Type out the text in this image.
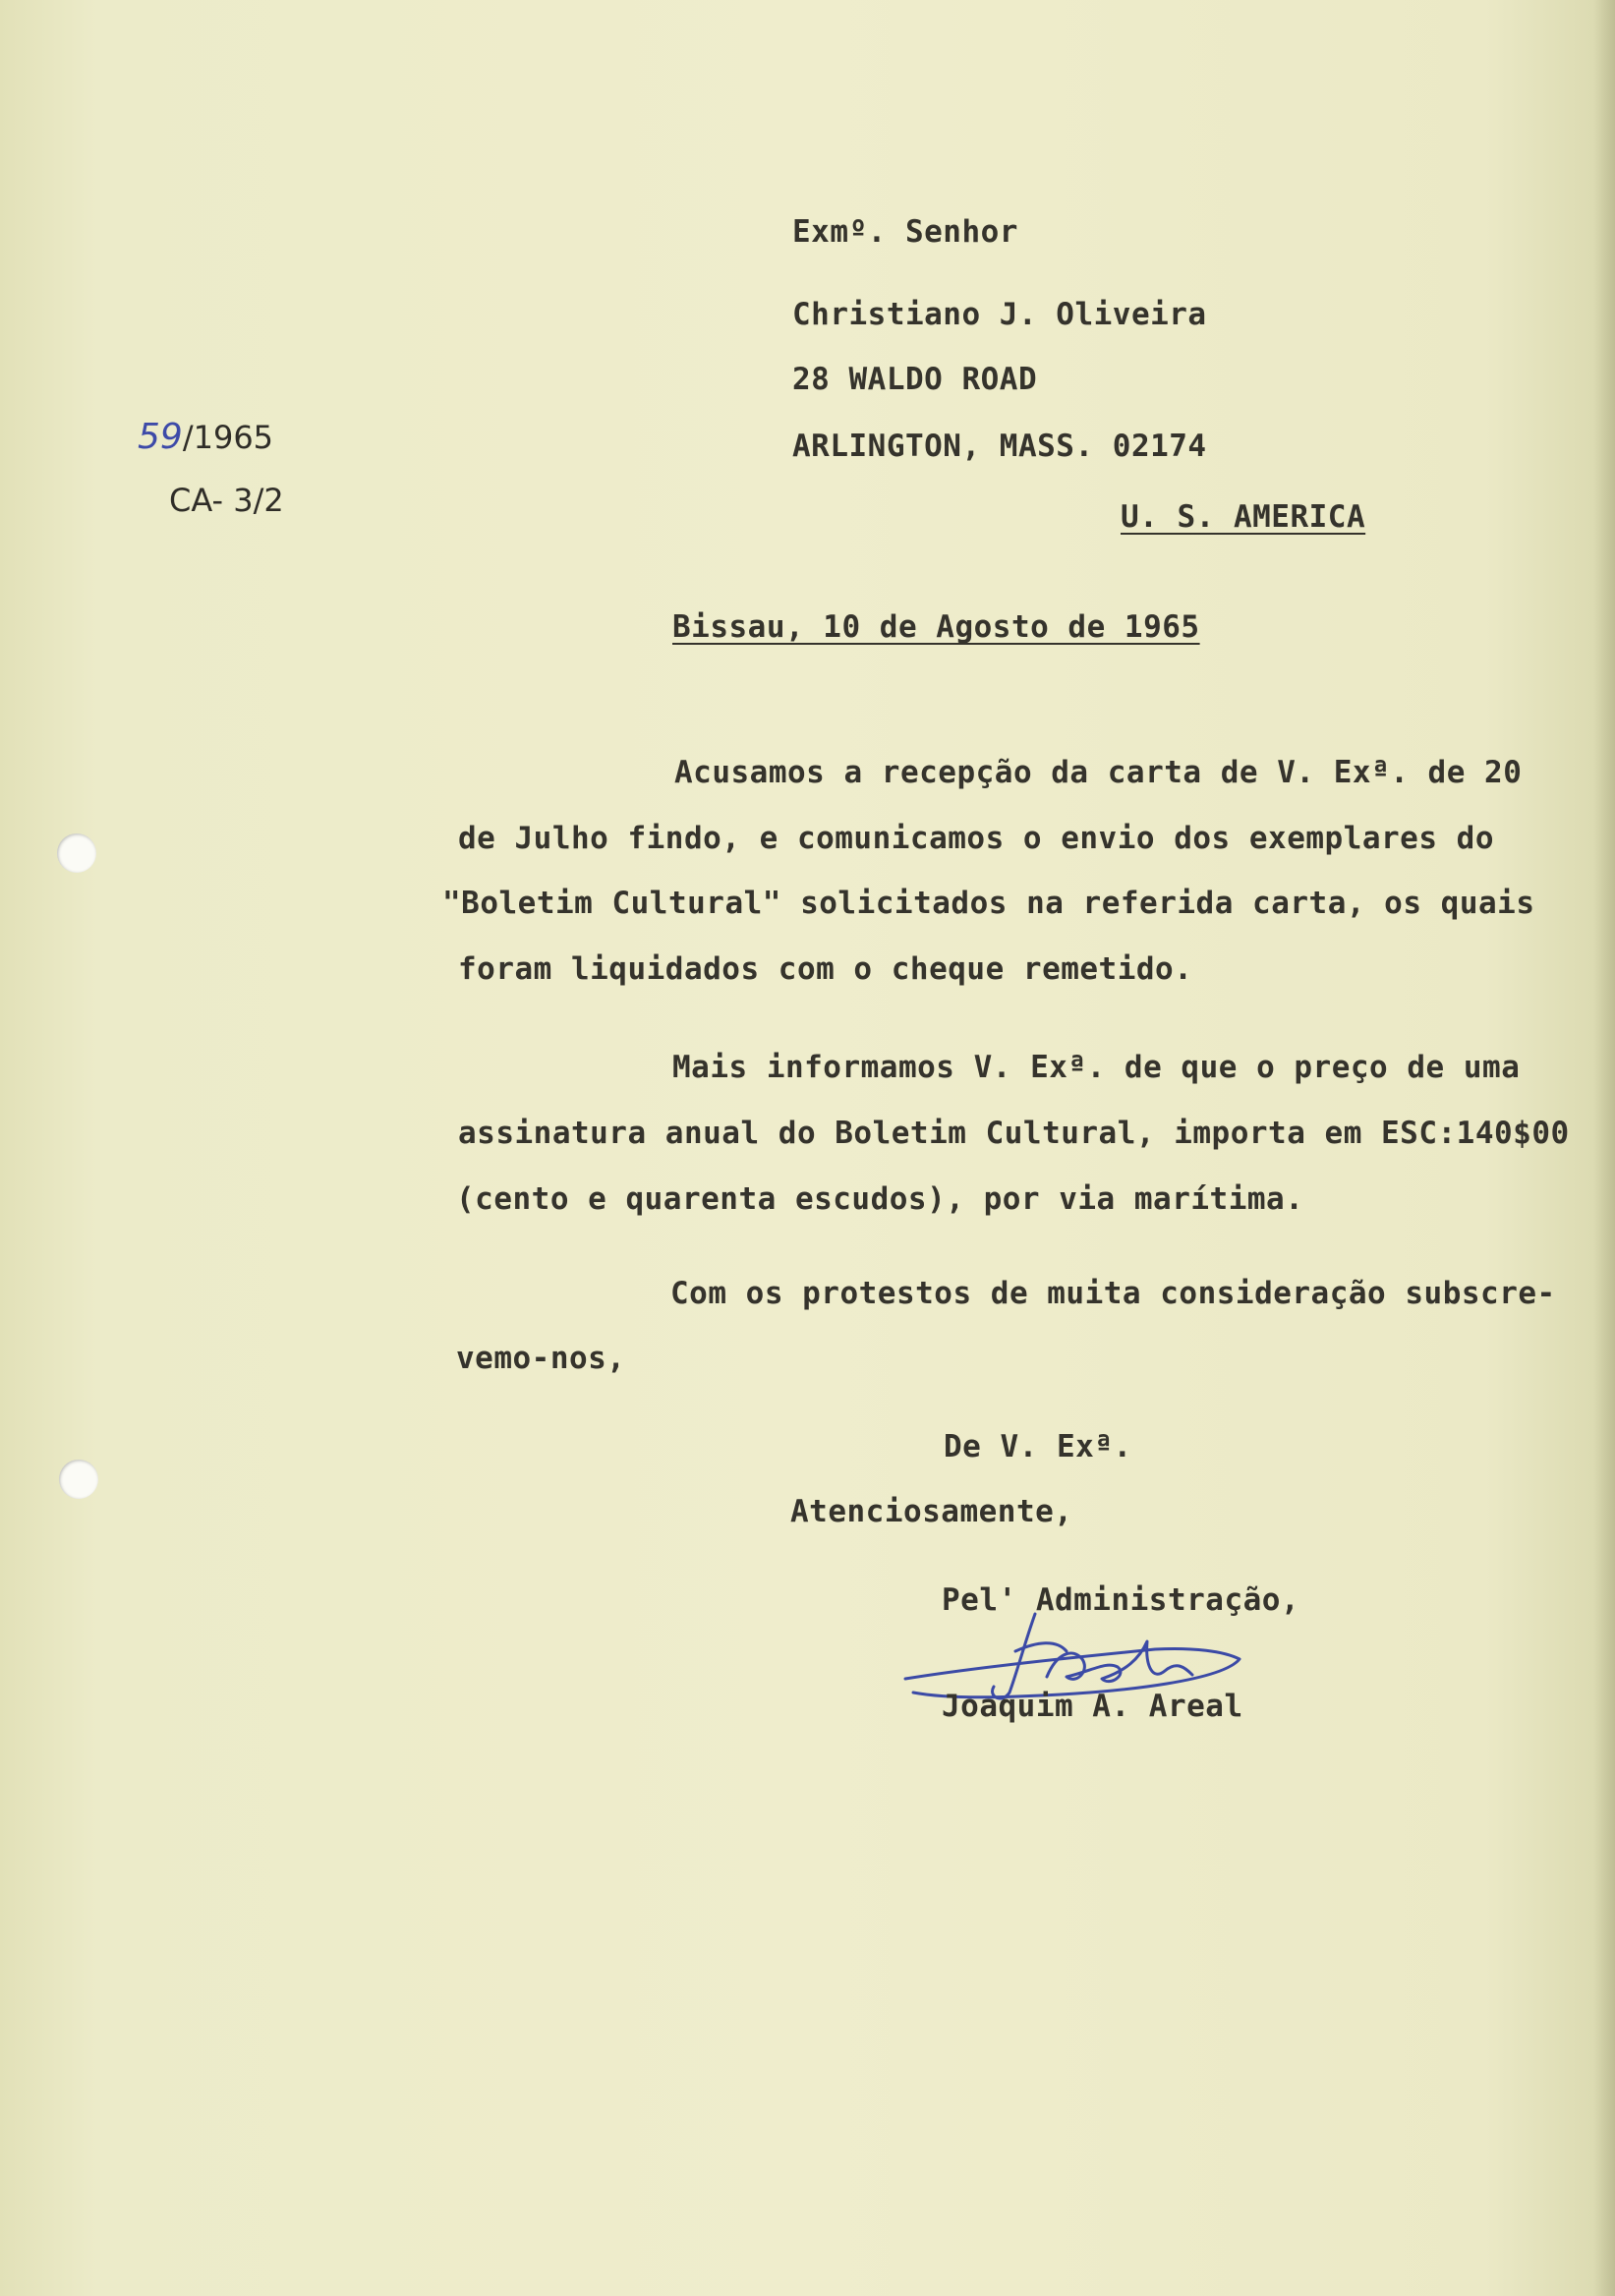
59/1965

CA- 3/2

Exmº. Senhor

Christiano J. Oliveira

28 WALDO ROAD

ARLINGTON, MASS. 02174

U. S. AMERICA

Bissau, 10 de Agosto de 1965

Acusamos a recepção da carta de V. Exª. de 20

de Julho findo, e comunicamos o envio dos exemplares do

"Boletim Cultural" solicitados na referida carta, os quais

foram liquidados com o cheque remetido.

Mais informamos V. Exª. de que o preço de uma

assinatura anual do Boletim Cultural, importa em ESC:140$00

(cento e quarenta escudos), por via marítima.

Com os protestos de muita consideração subscre-

vemo-nos,

De V. Exª.

Atenciosamente,

Pel' Administração,

Joaquim A. Areal
